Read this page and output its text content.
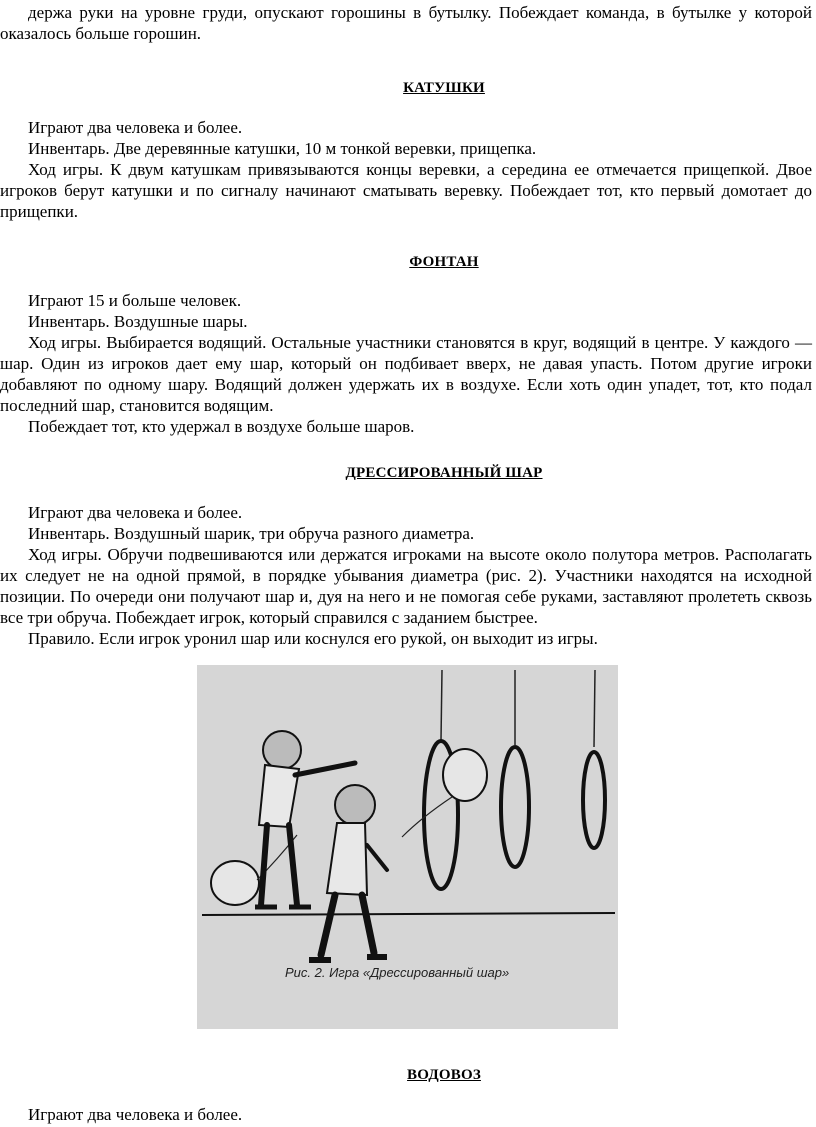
держа руки на уровне груди, опускают горошины в бутылку. Побеждает команда, в бутылке у которой оказалось больше горошин.

КАТУШКИ

Играют два человека и более.

Инвентарь. Две деревянные катушки, 10 м тонкой веревки, прищепка.

Ход игры. К двум катушкам привязываются концы веревки, а середина ее отмечается прищепкой. Двое игроков берут катушки и по сигналу начинают сматывать веревку. Побеждает тот, кто первый домотает до прищепки.

ФОНТАН

Играют 15 и больше человек.

Инвентарь. Воздушные шары.

Ход игры. Выбирается водящий. Остальные участники становятся в круг, водящий в центре. У каждого — шар. Один из игроков дает ему шар, который он подбивает вверх, не давая упасть. Потом другие игроки добавляют по одному шару. Водящий должен удержать их в воздухе. Если хоть один упадет, тот, кто подал последний шар, становится водящим.

Побеждает тот, кто удержал в воздухе больше шаров.

ДРЕССИРОВАННЫЙ ШАР

Играют два человека и более.

Инвентарь. Воздушный шарик, три обруча разного диаметра.

Ход игры. Обручи подвешиваются или держатся игроками на высоте около полутора метров. Располагать их следует не на одной прямой, в порядке убывания диаметра (рис. 2). Участники находятся на исходной позиции. По очереди они получают шар и, дуя на него и не помогая себе руками, заставляют пролететь сквозь все три обруча. Побеждает игрок, который справился с заданием быстрее.

Правило. Если игрок уронил шар или коснулся его рукой, он выходит из игры.

Рис. 2. Игра «Дрессированный шар»
ВОДОВОЗ

Играют два человека и более.
